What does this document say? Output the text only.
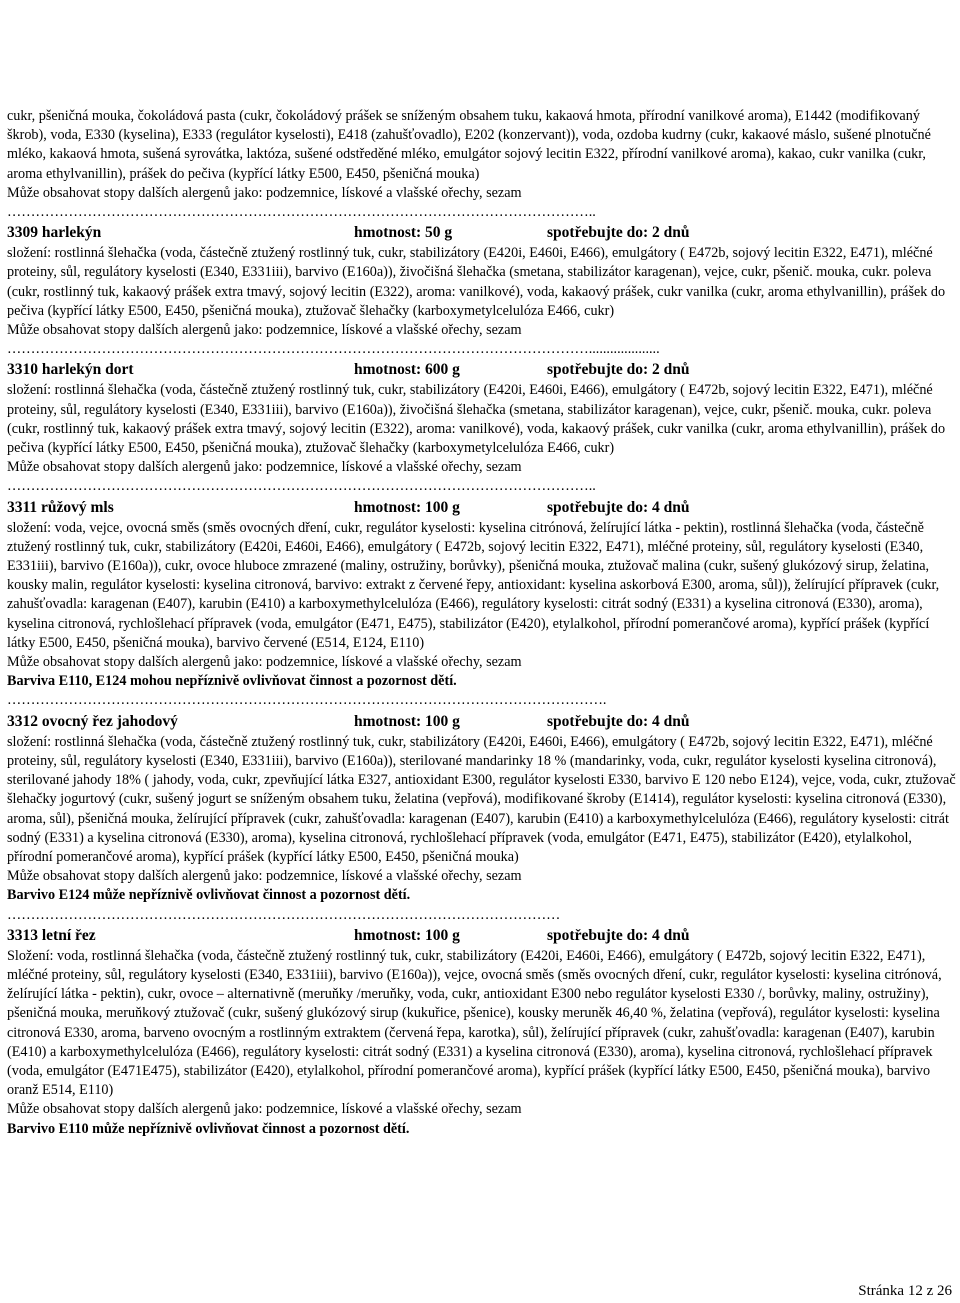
Vašíček – pekařství a cukrářství, s.r.o., Sušilova 50, 789 01 Zábřeh
KATALOG VÝROBKŮ – cukrárna
Aktuální katalog (složení, trvanlivosti) výrobků: www.vasicekzabreh.cz/dokumenty-ke-stazeni
Poslední aktualizace 30.10.2014
=====================================================

cukr, pšeničná mouka, čokoládová pasta (cukr, čokoládový prášek se sníženým obsahem tuku, kakaová hmota, přírodní vanilkové aroma), E1442 (modifikovaný škrob), voda, E330 (kyselina), E333 (regulátor kyselosti), E418 (zahušťovadlo), E202 (konzervant)), voda, ozdoba kudrny (cukr, kakaové máslo, sušené plnotučné mléko, kakaová hmota, sušená syrovátka, laktóza, sušené odstředěné mléko, emulgátor sojový lecitin E322, přírodní vanilkové aroma), kakao, cukr vanilka (cukr, aroma ethylvanillin), prášek do pečiva (kypřící látky E500, E450, pšeničná mouka)

Může obsahovat stopy dalších alergenů jako: podzemnice, lískové a vlašské ořechy, sezam

……………………………………………………………………………………………………………..
3309 harlekýn	hmotnost: 50 g	spotřebujte do: 2 dnů

složení: rostlinná šlehačka (voda, částečně ztužený rostlinný tuk, cukr, stabilizátory (E420i, E460i, E466), emulgátory ( E472b, sojový lecitin E322, E471), mléčné proteiny, sůl, regulátory kyselosti (E340, E331iii), barvivo (E160a)), živočišná šlehačka (smetana, stabilizátor karagenan), vejce, cukr, pšenič. mouka, cukr. poleva (cukr, rostlinný tuk, kakaový prášek extra tmavý, sojový lecitin (E322), aroma: vanilkové), voda, kakaový prášek, cukr vanilka (cukr, aroma ethylvanillin), prášek do pečiva (kypřící látky E500, E450, pšeničná mouka), ztužovač šlehačky (karboxymetylcelulóza E466, cukr)

Může obsahovat stopy dalších alergenů jako: podzemnice, lískové a vlašské ořechy, sezam

……………………………………………………………………………………………………………....................
3310 harlekýn dort	hmotnost: 600 g	spotřebujte do: 2 dnů

složení: rostlinná šlehačka (voda, částečně ztužený rostlinný tuk, cukr, stabilizátory (E420i, E460i, E466), emulgátory ( E472b, sojový lecitin E322, E471), mléčné proteiny, sůl, regulátory kyselosti (E340, E331iii), barvivo (E160a)), živočišná šlehačka (smetana, stabilizátor karagenan), vejce, cukr, pšenič. mouka, cukr. poleva (cukr, rostlinný tuk, kakaový prášek extra tmavý, sojový lecitin (E322), aroma: vanilkové), voda, kakaový prášek, cukr vanilka (cukr, aroma ethylvanillin), prášek do pečiva (kypřící látky E500, E450, pšeničná mouka), ztužovač šlehačky (karboxymetylcelulóza E466, cukr)

Může obsahovat stopy dalších alergenů jako: podzemnice, lískové a vlašské ořechy, sezam

……………………………………………………………………………………………………………..
3311 růžový mls	hmotnost: 100 g	spotřebujte do: 4 dnů

složení: voda, vejce, ovocná směs (směs ovocných dření, cukr, regulátor kyselosti: kyselina citrónová, želírující látka - pektin), rostlinná šlehačka (voda, částečně ztužený rostlinný tuk, cukr, stabilizátory (E420i, E460i, E466), emulgátory ( E472b, sojový lecitin E322, E471), mléčné proteiny, sůl, regulátory kyselosti (E340, E331iii), barvivo (E160a)), cukr, ovoce hluboce zmrazené (maliny, ostružiny, borůvky), pšeničná mouka, ztužovač malina (cukr, sušený glukózový sirup, želatina, kousky malin, regulátor kyselosti: kyselina citronová, barvivo: extrakt z červené řepy, antioxidant: kyselina askorbová E300, aroma, sůl)), želírující přípravek (cukr, zahušťovadla: karagenan (E407), karubin (E410) a karboxymethylcelulóza (E466), regulátory kyselosti: citrát sodný (E331) a kyselina citronová (E330), aroma), kyselina citronová, rychlošlehací přípravek (voda, emulgátor (E471, E475), stabilizátor (E420), etylalkohol, přírodní pomerančové aroma), kypřící prášek (kypřící látky E500, E450, pšeničná mouka), barvivo červené (E514, E124, E110)

Může obsahovat stopy dalších alergenů jako: podzemnice, lískové a vlašské ořechy, sezam

Barviva E110, E124 mohou nepříznivě ovlivňovat činnost a pozornost dětí.

……………………………………………………………………………………………………………….
3312 ovocný řez jahodový	hmotnost: 100 g	spotřebujte do: 4 dnů

složení: rostlinná šlehačka (voda, částečně ztužený rostlinný tuk, cukr, stabilizátory (E420i, E460i, E466), emulgátory ( E472b, sojový lecitin E322, E471), mléčné proteiny, sůl, regulátory kyselosti (E340, E331iii), barvivo (E160a)), sterilované mandarinky 18 % (mandarinky, voda, cukr, regulátor kyselosti kyselina citronová), sterilované jahody 18% ( jahody, voda, cukr, zpevňující látka E327, antioxidant E300, regulátor kyselosti E330, barvivo E 120 nebo E124), vejce, voda, cukr, ztužovač šlehačky jogurtový (cukr, sušený jogurt se sníženým obsahem tuku, želatina (vepřová), modifikované škroby (E1414), regulátor kyselosti: kyselina citronová (E330), aroma, sůl), pšeničná mouka, želírující přípravek (cukr, zahušťovadla: karagenan (E407), karubin (E410) a karboxymethylcelulóza (E466), regulátory kyselosti: citrát sodný (E331) a kyselina citronová (E330), aroma), kyselina citronová, rychlošlehací přípravek (voda, emulgátor (E471, E475), stabilizátor (E420), etylalkohol, přírodní pomerančové aroma), kypřící prášek (kypřící látky E500, E450, pšeničná mouka)

Může obsahovat stopy dalších alergenů jako: podzemnice, lískové a vlašské ořechy, sezam

Barvivo E124 může nepříznivě ovlivňovat činnost a pozornost dětí.

………………………………………………………………………………………………………
3313 letní řez	hmotnost: 100 g	spotřebujte do: 4 dnů

Složení: voda, rostlinná šlehačka (voda, částečně ztužený rostlinný tuk, cukr, stabilizátory (E420i, E460i, E466), emulgátory ( E472b, sojový lecitin E322, E471), mléčné proteiny, sůl, regulátory kyselosti (E340, E331iii), barvivo (E160a)), vejce, ovocná směs (směs ovocných dření, cukr, regulátor kyselosti: kyselina citrónová, želírující látka - pektin), cukr, ovoce – alternativně (meruňky /meruňky, voda, cukr, antioxidant E300 nebo regulátor kyselosti E330 /, borůvky, maliny, ostružiny), pšeničná mouka, meruňkový ztužovač (cukr, sušený glukózový sirup (kukuřice, pšenice), kousky meruněk 46,40 %, želatina (vepřová), regulátor kyselosti: kyselina citronová E330, aroma, barveno ovocným a rostlinným extraktem (červená řepa, karotka), sůl), želírující přípravek (cukr, zahušťovadla: karagenan (E407), karubin (E410) a karboxymethylcelulóza (E466), regulátory kyselosti: citrát sodný (E331) a kyselina citronová (E330), aroma), kyselina citronová, rychlošlehací přípravek (voda, emulgátor (E471E475), stabilizátor (E420), etylalkohol, přírodní pomerančové aroma), kypřící prášek (kypřící látky E500, E450, pšeničná mouka), barvivo oranž E514, E110)

Může obsahovat stopy dalších alergenů jako: podzemnice, lískové a vlašské ořechy, sezam

Barvivo E110 může nepříznivě ovlivňovat činnost a pozornost dětí.

Stránka 12 z 26
